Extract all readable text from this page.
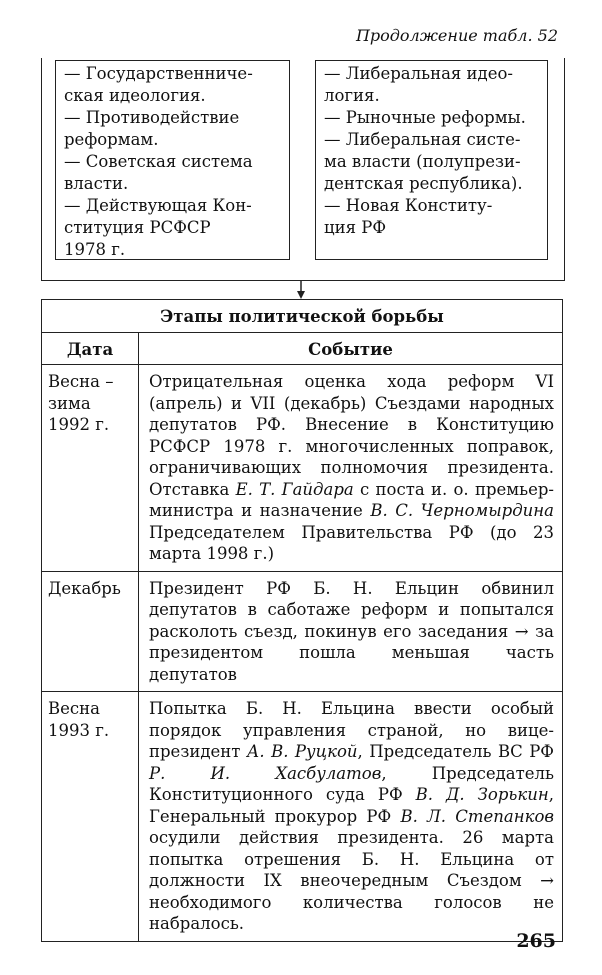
Продолжение табл. 52
— Государственниче-
ская идеология.
— Противодействие
реформам.
— Советская система
власти.
— Действующая Кон-
ституция РСФСР
1978 г.
— Либеральная идео-
логия.
— Рыночные реформы.
— Либеральная систе-
ма власти (полупрези-
дентская республика).
— Новая Конститу-
ция РФ
Этапы политической борьбы	
Дата	Событие
Весна – зима 1992 г.	Отрицательная оценка хода реформ VI (апрель) и VII (декабрь) Съездами народных депутатов РФ. Внесение в Конституцию РСФСР 1978 г. многочисленных поправок, ограничивающих полномочия президента. Отставка Е. Т. Гайдара с поста и. о. премьер-министра и назначение В. С. Черномырдина Председателем Правительства РФ (до 23 марта 1998 г.)
Декабрь	Президент РФ Б. Н. Ельцин обвинил депутатов в саботаже реформ и попытался расколоть съезд, покинув его заседания → за президентом пошла меньшая часть депутатов
Весна 1993 г.	Попытка Б. Н. Ельцина ввести особый порядок управления страной, но вице-президент А. В. Руцкой, Председатель ВС РФ Р. И. Хасбулатов, Председатель Конституционного суда РФ В. Д. Зорькин, Генеральный прокурор РФ В. Л. Степанков осудили действия президента. 26 марта попытка отрешения Б. Н. Ельцина от должности IX внеочередным Съездом → необходимого количества голосов не набралось.
265
